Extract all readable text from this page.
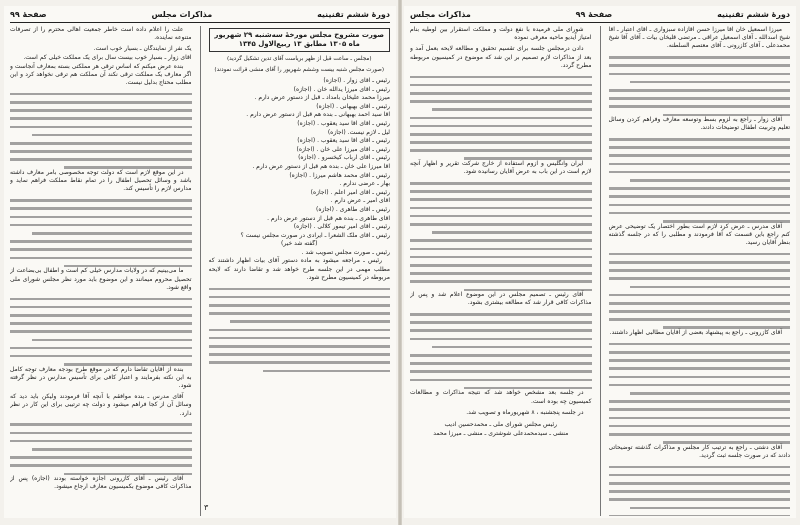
دورهٔ ششم تقنینیه
صفحهٔ ۹۹
مذاکرات مجلس

میرزا اسمعیل خان آقا میرزا حسن آقازاده سبزواری ـ آقای اعتبار ـ آقا شیخ اسدالله ـ آقای اسمعیل عراقی ـ مرتضی قلیخان بیات ـ آقای آقا شیخ محمدعلی ـ آقای کازرونی ـ آقای معتصم السلطنه.

آقای زوار ـ راجع به لزوم بسط وتوسعه معارف وفراهم کردن وسائل تعلیم وتربیت اطفال توضیحات دادند.

آقای مدرس ـ عرض کرد لازم است بطور اختصار یک توضیحی عرض کنم راجع باین قسمت که آقا فرمودند و مطلبی را که در جلسه گذشته بنظر آقایان رسید.

آقای کازرونی ـ راجع به پیشنهاد بعضی از آقایان مطالبی اظهار داشتند.

آقای دشتی ـ راجع به ترتیب کار مجلس و مذاکرات گذشته توضیحاتی دادند که در صورت جلسه ثبت گردید.

شورای ملی فرمیده با نفع دولت و مملکت آستقرار بین لوطیه بنام امتیاز آیدیو ماحیه معرفی نموده

دادن درمجلس جلسه برای تقسیم تحقیق و مطالعه لایحه بعمل آمد و بعد از مذاکرات لازم تصمیم بر این شد که موضوع در کمیسیون مربوطه مطرح گردد.

ایران وانگلیس و ازوم استفاده از خارج شرکت تقریر و اظهار آنچه لازم است در این باب به عرض آقایان رسانیده شود.

آقای رئیس ـ تصمیم مجلس در این موضوع اعلام شد و پس از مذاکرات کافی قرار شد که مطالعه بیشتری بشود.

در جلسه بعد مشخص خواهد شد که نتیجه مذاکرات و مطالعات کمیسیون چه بوده است.

در جلسه پنجشنبه ، ۸ شهریورماه و تصویب شد.

رئیس مجلس شورای ملی ـ محمدحسین ادیب
منشی ـ سیدمحمدعلی شوشتری ـ منشی ـ میرزا محمد
دورهٔ ششم تقنینیه
مذاکرات مجلس
صفحهٔ ۹۹
صورت مشروح مجلس مورخهٔ سه‌شنبه ۲۹ شهریور ماه ۱۳۰۵ مطابق ۱۳ ربیع‌الاول ۱۳۴۵
(مجلس ـ ساعت قبل از ظهر بریاست آقای تدین تشکیل گردید)
(صورت مجلس شنبه بیست وششم شهریور را آقای منشی قرائت نمودند)

رئیس ـ آقای زوار . (اجازه)

رئیس ـ آقای میرزا یدالله خان . (اجازه)

میرزا محمد علیخان بامداد ـ قبل از دستور عرض دارم .

رئیس ـ آقای بهبهانی . (اجازه)

آقا سید احمد بهبهانی ـ بنده هم قبل از دستور عرض دارم .

رئیس ـ آقای آقا سید یعقوب . (اجازه)

لیل ـ لازم نیست. (اجازه)

رئیس ـ آقای آقا سید یعقوب . (اجازه)

رئیس ـ آقای میرزا علی خان . (اجازه)

رئیس ـ آقای ارباب کیخسرو . (اجازه)

آقا میرزا علی خان ـ بنده هم قبل از دستور عرض دارم .

رئیس ـ آقای محمد هاشم میرزا . (اجازه)

بهار ـ عرضی ندارم .

رئیس ـ آقای امیر اعلم . (اجازه)

آقای امیر ـ عرض دارم .

رئیس ـ آقای طاهری . (اجازه)

آقای طاهری ـ بنده هم قبل از دستور عرض دارم .

رئیس ـ آقای امیر تیمور کلالی . (اجازه)

رئیس ـ آقای ملک الشعرا ـ ایرادی در صورت مجلس نیست ؟

(گفته شد خیر)

رئیس ـ صورت مجلس تصویب شد .

رئیس ـ مراجعه میشود به ماده دستور آقای بیات اظهار داشتند که مطلب مهمی در این جلسه طرح خواهد شد و تقاضا دارند که لایحه مربوطه در کمیسیون مطرح شود.

علت را اعلام داده است خاطر جمعیت اهالی محترم را از تصرفات متنوعه نماینده.

یک نفر از نمایندگان ـ بسیار خوب است.

آقای زوار ـ بسیار خوب بیست سال برای یک مملکت خیلی کم است.

بنده عرض میکنم که اساس ترقی هر مملکتی بسته بمعارف آنجاست و اگر معارف یک مملکت ترقی نکند آن مملکت هم ترقی نخواهد کرد و این مطلب محتاج بدلیل نیست.

در این موقع لازم است که دولت توجه مخصوصی بامر معارف داشته باشد و وسائل تحصیل اطفال را در تمام نقاط مملکت فراهم نماید و مدارس لازم را تأسیس کند.

ما می‌بینیم که در ولایات مدارس خیلی کم است و اطفال بی‌بضاعت از تحصیل محروم میمانند و این موضوع باید مورد نظر مجلس شورای ملی واقع شود.

بنده از آقایان تقاضا دارم که در موقع طرح بودجه معارف توجه کامل به این نکته بفرمایند و اعتبار کافی برای تأسیس مدارس در نظر گرفته شود.

آقای مدرس ـ بنده موافقم با آنچه آقا فرمودند ولیکن باید دید که وسائل آن از کجا فراهم میشود و دولت چه ترتیبی برای این کار در نظر دارد.

آقای رئیس ـ آقای کازرونی اجازه خواسته بودند (اجازه) پس از مذاکرات کافی موضوع بکمیسیون معارف ارجاع میشود.

۳
